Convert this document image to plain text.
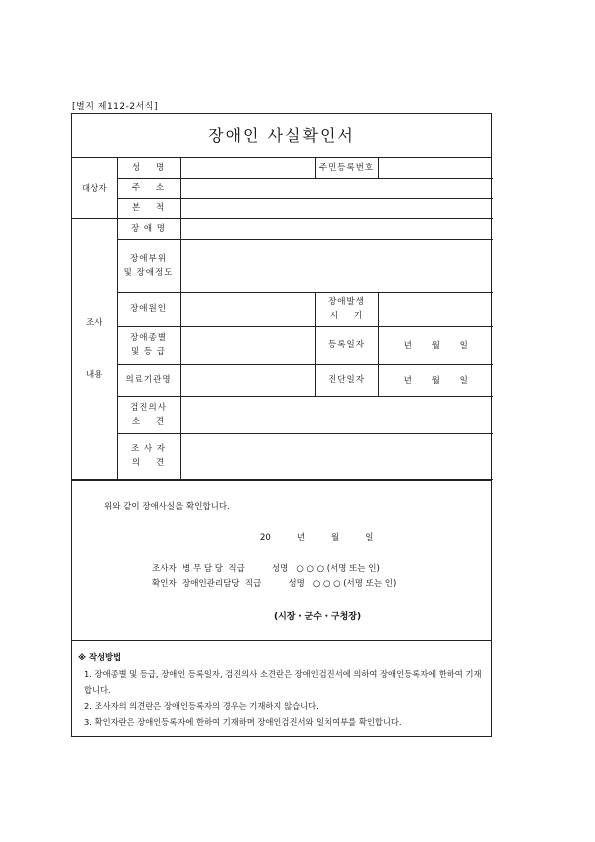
[별지 제112-2서식]
장애인 사실확인서
대상자	성    명		주민등록번호	
	주    소			
	본    적			

조사
내용	장 애 명			

	장애부위
및 장애정도			

	장애원인		장애발생
시    기	

	장애종별
및 등 급		등록일자	년 월 일
	의료기관명		진단일자	년 월 일

	검진의사
소    견			

	조 사 자
의    견			

위와 같이 장애사실을 확인합니다.
20	년	월	일
조사자  병 무 담 당  직급          성명   ○ ○ ○ (서명 또는 인)
확인자  장애인관리담당  직급          성명   ○ ○ ○ (서명 또는 인)
(시장・군수・구청장)
※ 작성방법
1. 장애종별 및 등급, 장애인 등록일자, 검진의사 소견란은 장애인검진서에 의하여 장애인등록자에 한하여 기재합니다.
2. 조사자의 의견란은 장애인등록자의 경우는 기재하지 않습니다.
3. 확인자란은 장애인등록자에 한하여 기재하며 장애인검진서와 일치여부를 확인합니다.
